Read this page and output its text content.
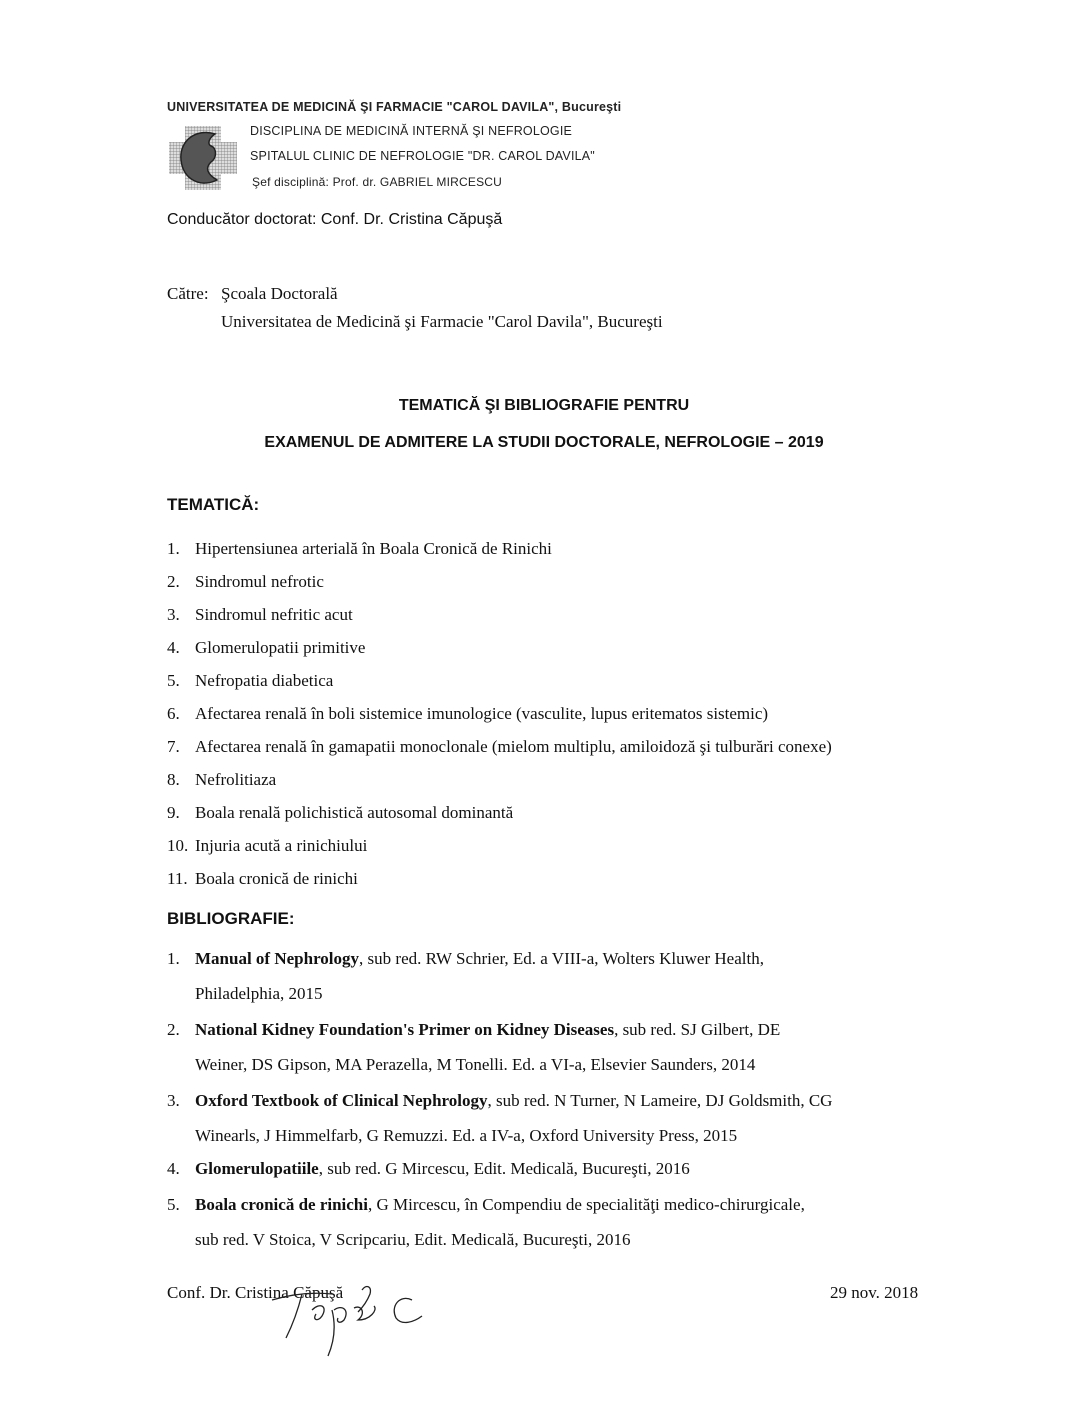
UNIVERSITATEA DE MEDICINĂ ŞI FARMACIE "CAROL DAVILA", Bucureşti
DISCIPLINA DE MEDICINĂ INTERNĂ ŞI NEFROLOGIE
SPITALUL CLINIC DE NEFROLOGIE "DR. CAROL DAVILA"
Şef disciplină: Prof. dr. GABRIEL MIRCESCU
Conducător doctorat: Conf. Dr. Cristina Căpuşă
Către: Şcoala Doctorală
Universitatea de Medicină şi Farmacie "Carol Davila", Bucureşti
TEMATICĂ ŞI BIBLIOGRAFIE PENTRU
EXAMENUL DE ADMITERE LA STUDII DOCTORALE, NEFROLOGIE – 2019
TEMATICĂ:
1. Hipertensiunea arterială în Boala Cronică de Rinichi
2. Sindromul nefrotic
3. Sindromul nefritic acut
4. Glomerulopatii primitive
5. Nefropatia diabetica
6. Afectarea renală în boli sistemice imunologice (vasculite, lupus eritematos sistemic)
7. Afectarea renală în gamapatii monoclonale (mielom multiplu, amiloidoză şi tulburări conexe)
8. Nefrolitiaza
9. Boala renală polichistică autosomal dominantă
10. Injuria acută a rinichiului
11. Boala cronică de rinichi
BIBLIOGRAFIE:
1. Manual of Nephrology, sub red. RW Schrier, Ed. a VIII-a, Wolters Kluwer Health,
Philadelphia, 2015
2. National Kidney Foundation's Primer on Kidney Diseases, sub red. SJ Gilbert, DE
Weiner, DS Gipson, MA Perazella, M Tonelli. Ed. a VI-a, Elsevier Saunders, 2014
3. Oxford Textbook of Clinical Nephrology, sub red. N Turner, N Lameire, DJ Goldsmith, CG
Winearls, J Himmelfarb, G Remuzzi. Ed. a IV-a, Oxford University Press, 2015
4. Glomerulopatiile, sub red. G Mircescu, Edit. Medicală, Bucureşti, 2016
5. Boala cronică de rinichi, G Mircescu, în Compendiu de specialităţi medico-chirurgicale,
sub red. V Stoica, V Scripcariu, Edit. Medicală, Bucureşti, 2016
Conf. Dr. Cristina Căpuşă	29 nov. 2018
